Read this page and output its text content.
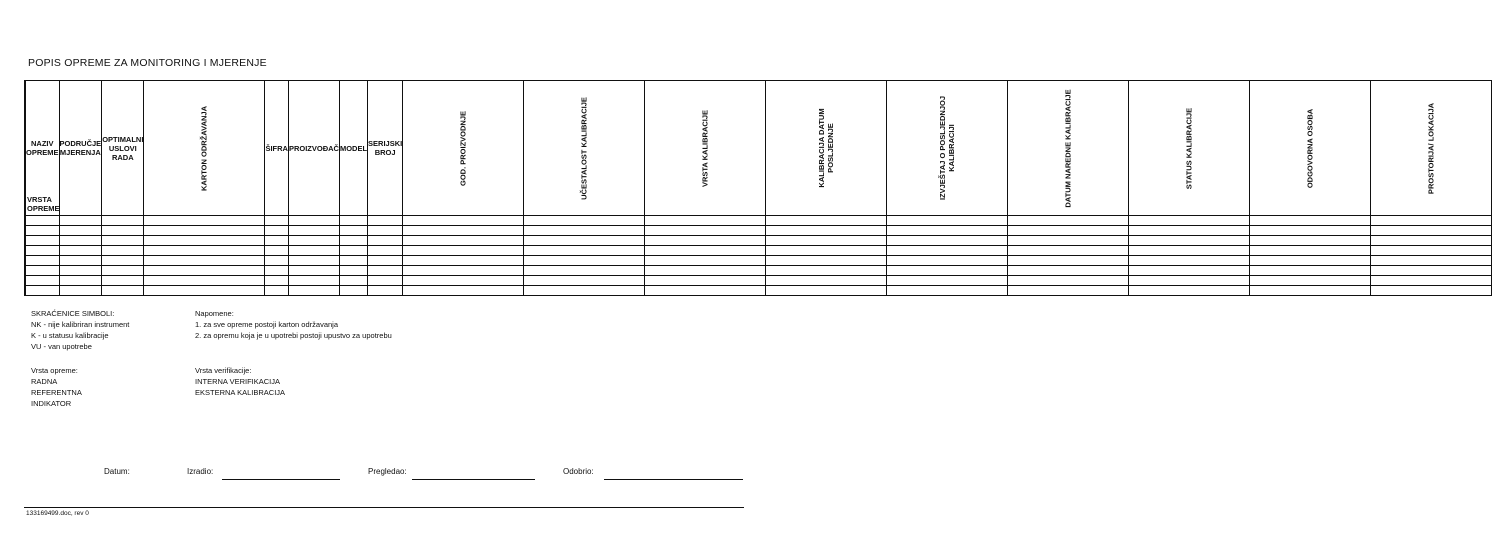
POPIS OPREME ZA MONITORING I MJERENJE
VRSTA OPREME	NAZIV OPREME	PODRUČJE MJERENJA	OPTIMALNI USLOVI RADA	KARTON ODRŽAVANJA	ŠIFRA	PROIZVOĐAČ	MODEL	SERIJSKI BROJ	GOD. PROIZVODNJE	UČESTALOST KALIBRACIJE	VRSTA KALIBRACIJE	KALIBRACIJA DATUM POSLJEDNJE	IZVJEŠTAJ O POSLJEDNJOJ KALIBRACIJI	DATUM NAREDNE KALIBRACIJE	STATUS KALIBRACIJE	ODGOVORNA OSOBA	PROSTORIJA/ LOKACIJA

SKRAĆENICE SIMBOLI:
NK - nije kalibriran instrument
K - u statusu kalibracije
VU - van upotrebe
Napomene:
1. za sve opreme postoji karton održavanja
2. za opremu koja je u upotrebi postoji upustvo za upotrebu
Vrsta opreme:
RADNA
REFERENTNA
INDIKATOR
Vrsta verifikacije:
INTERNA VERIFIKACIJA
EKSTERNA KALIBRACIJA
Datum:	Izradio:	Pregledao:	Odobrio:
133169499.doc, rev 0
